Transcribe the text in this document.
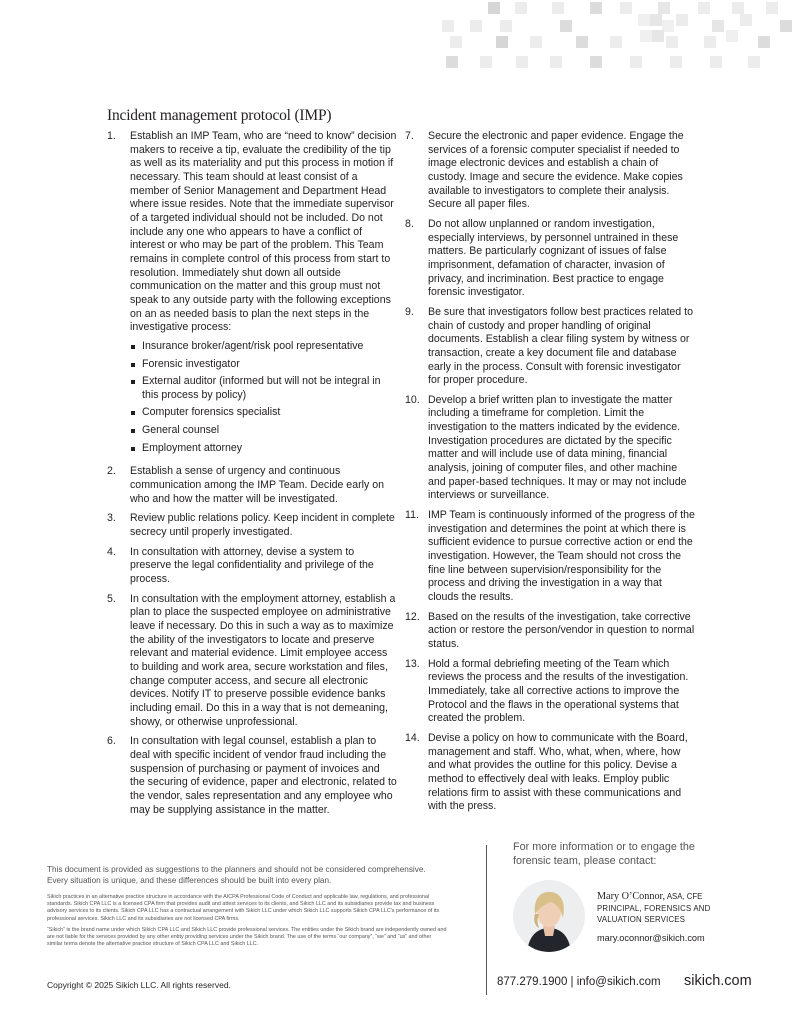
Incident management protocol (IMP)
1.	Establish an IMP Team, who are “need to know” decision makers to receive a tip, evaluate the credibility of the tip as well as its materiality and put this process in motion if necessary. This team should at least consist of a member of Senior Management and Department Head where issue resides. Note that the immediate supervisor of a targeted individual should not be included. Do not include any one who appears to have a conflict of interest or who may be part of the problem. This Team remains in complete control of this process from start to resolution. Immediately shut down all outside communication on the matter and this group must not speak to any outside party with the following exceptions on an as needed basis to plan the next steps in the investigative process:
Insurance broker/agent/risk pool representative
Forensic investigator
External auditor (informed but will not be integral in this process by policy)
Computer forensics specialist
General counsel
Employment attorney
2.	Establish a sense of urgency and continuous communication among the IMP Team. Decide early on who and how the matter will be investigated.
3.	Review public relations policy. Keep incident in complete secrecy until properly investigated.
4.	In consultation with attorney, devise a system to preserve the legal confidentiality and privilege of the process.
5.	In consultation with the employment attorney, establish a plan to place the suspected employee on administrative leave if necessary. Do this in such a way as to maximize the ability of the investigators to locate and preserve relevant and material evidence. Limit employee access to building and work area, secure workstation and files, change computer access, and secure all electronic devices. Notify IT to preserve possible evidence banks including email. Do this in a way that is not demeaning, showy, or otherwise unprofessional.
6.	In consultation with legal counsel, establish a plan to deal with specific incident of vendor fraud including the suspension of purchasing or payment of invoices and the securing of evidence, paper and electronic, related to the vendor, sales representation and any employee who may be supplying assistance in the matter.
7.	Secure the electronic and paper evidence. Engage the services of a forensic computer specialist if needed to image electronic devices and establish a chain of custody. Image and secure the evidence. Make copies available to investigators to complete their analysis. Secure all paper files.
8.	Do not allow unplanned or random investigation, especially interviews, by personnel untrained in these matters. Be particularly cognizant of issues of false imprisonment, defamation of character, invasion of privacy, and incrimination. Best practice to engage forensic investigator.
9.	Be sure that investigators follow best practices related to chain of custody and proper handling of original documents. Establish a clear filing system by witness or transaction, create a key document file and database early in the process. Consult with forensic investigator for proper procedure.
10. Develop a brief written plan to investigate the matter including a timeframe for completion. Limit the investigation to the matters indicated by the evidence. Investigation procedures are dictated by the specific matter and will include use of data mining, financial analysis, joining of computer files, and other machine and paper-based techniques. It may or may not include interviews or surveillance.
11. IMP Team is continuously informed of the progress of the investigation and determines the point at which there is sufficient evidence to pursue corrective action or end the investigation. However, the Team should not cross the fine line between supervision/responsibility for the process and driving the investigation in a way that clouds the results.
12. Based on the results of the investigation, take corrective action or restore the person/vendor in question to normal status.
13. Hold a formal debriefing meeting of the Team which reviews the process and the results of the investigation. Immediately, take all corrective actions to improve the Protocol and the flaws in the operational systems that created the problem.
14. Devise a policy on how to communicate with the Board, management and staff. Who, what, when, where, how and what provides the outline for this policy. Devise a method to effectively deal with leaks. Employ public relations firm to assist with these communications and with the press.

This document is provided as suggestions to the planners and should not be considered comprehensive. Every situation is unique, and these differences should be built into every plan.

Sikich practices in an alternative practice structure in accordance with the AICPA Professional Code of Conduct and applicable law, regulations, and professional standards. Sikich CPA LLC is a licensed CPA firm that provides audit and attest services to its clients, and Sikich LLC and its subsidiaries provide tax and business advisory services to its clients. Sikich CPA LLC has a contractual arrangement with Sikich LLC under which Sikich LLC supports Sikich CPA LLC's performance of its professional services. Sikich LLC and its subsidiaries are not licensed CPA firms.

“Sikich” is the brand name under which Sikich CPA LLC and Sikich LLC provide professional services. The entities under the Sikich brand are independently owned and are not liable for the services provided by any other entity providing services under the Sikich brand. The use of the terms “our company”, “we” and “us” and other similar terms denote the alternative practice structure of Sikich CPA LLC and Sikich LLC.

Copyright © 2025 Sikich LLC. All rights reserved.

For more information or to engage the forensic team, please contact:

Mary O’Connor, ASA, CFE
PRINCIPAL, FORENSICS AND
VALUATION SERVICES
mary.oconnor@sikich.com
877.279.1900 | info@sikich.com sikich.com
